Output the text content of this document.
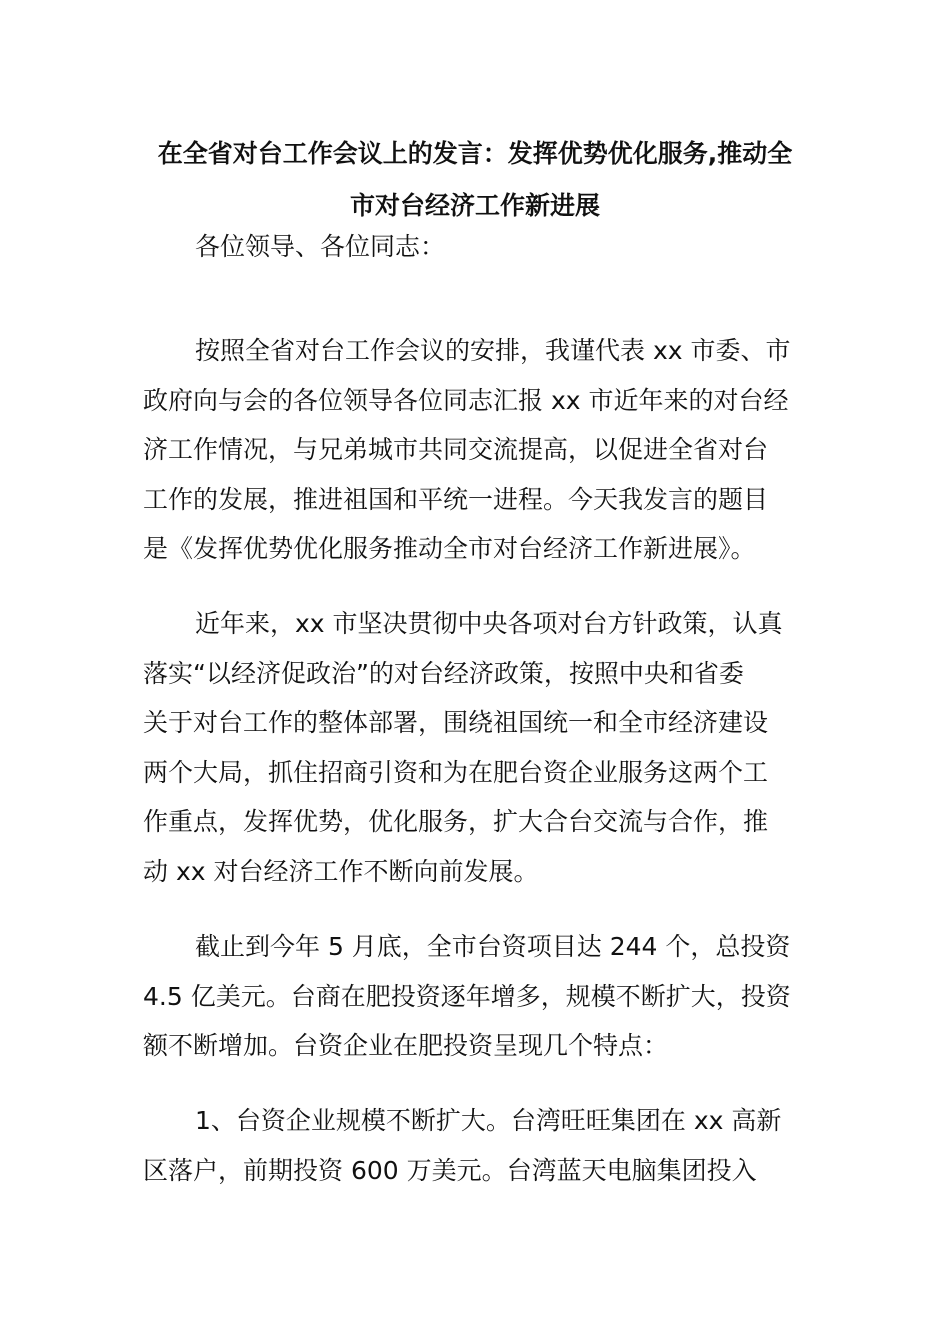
在全省对台工作会议上的发言：发挥优势优化服务,推动全
市对台经济工作新进展

各位领导、各位同志：

按照全省对台工作会议的安排，我谨代表 xx 市委、市
政府向与会的各位领导各位同志汇报 xx 市近年来的对台经
济工作情况，与兄弟城市共同交流提高，以促进全省对台
工作的发展，推进祖国和平统一进程。今天我发言的题目
是《发挥优势优化服务推动全市对台经济工作新进展》。

近年来，xx 市坚决贯彻中央各项对台方针政策，认真
落实“以经济促政治”的对台经济政策，按照中央和省委
关于对台工作的整体部署，围绕祖国统一和全市经济建设
两个大局，抓住招商引资和为在肥台资企业服务这两个工
作重点，发挥优势，优化服务，扩大合台交流与合作，推
动 xx 对台经济工作不断向前发展。

截止到今年 5 月底，全市台资项目达 244 个，总投资
4.5 亿美元。台商在肥投资逐年增多，规模不断扩大，投资
额不断增加。台资企业在肥投资呈现几个特点：

1、台资企业规模不断扩大。台湾旺旺集团在 xx 高新
区落户，前期投资 600 万美元。台湾蓝天电脑集团投入
